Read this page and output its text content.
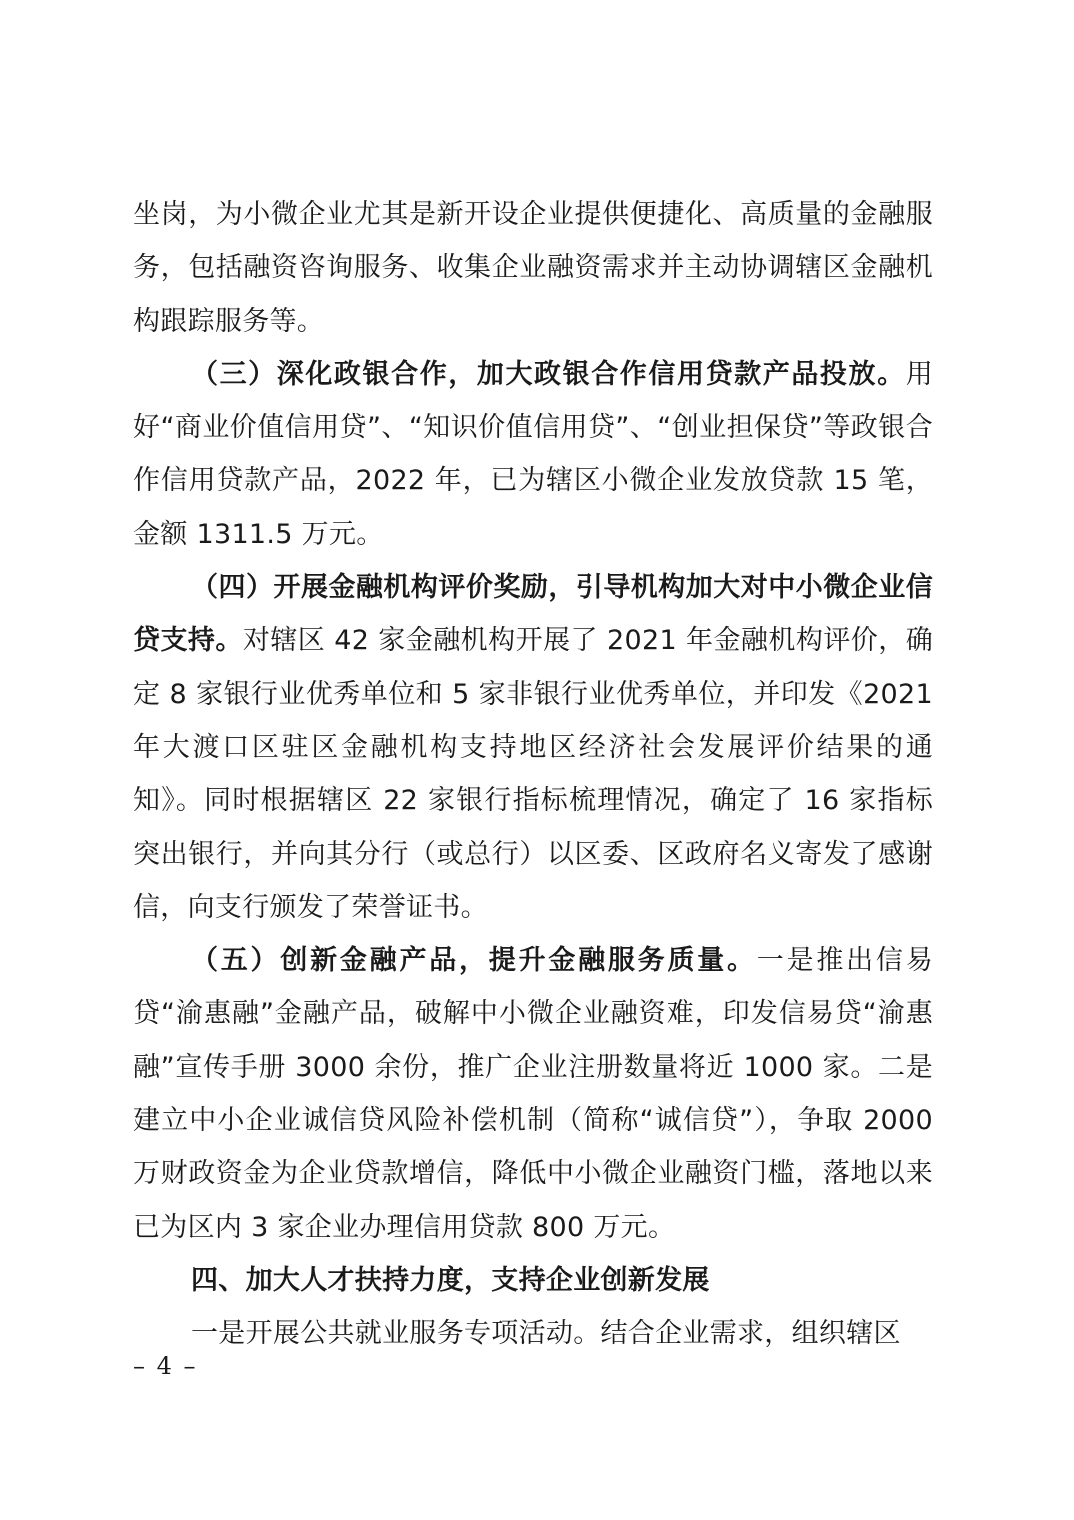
坐岗，为小微企业尤其是新开设企业提供便捷化、高质量的金融服务，包括融资咨询服务、收集企业融资需求并主动协调辖区金融机构跟踪服务等。

（三）深化政银合作，加大政银合作信用贷款产品投放。用好“商业价值信用贷”、“知识价值信用贷”、“创业担保贷”等政银合作信用贷款产品，2022 年，已为辖区小微企业发放贷款 15 笔，金额 1311.5 万元。

（四）开展金融机构评价奖励，引导机构加大对中小微企业信贷支持。对辖区 42 家金融机构开展了 2021 年金融机构评价，确定 8 家银行业优秀单位和 5 家非银行业优秀单位，并印发《2021 年大渡口区驻区金融机构支持地区经济社会发展评价结果的通知》。同时根据辖区 22 家银行指标梳理情况，确定了 16 家指标突出银行，并向其分行（或总行）以区委、区政府名义寄发了感谢信，向支行颁发了荣誉证书。

（五）创新金融产品，提升金融服务质量。一是推出信易贷“渝惠融”金融产品，破解中小微企业融资难，印发信易贷“渝惠融”宣传手册 3000 余份，推广企业注册数量将近 1000 家。二是建立中小企业诚信贷风险补偿机制（简称“诚信贷”），争取 2000 万财政资金为企业贷款增信，降低中小微企业融资门槛，落地以来已为区内 3 家企业办理信用贷款 800 万元。

四、加大人才扶持力度，支持企业创新发展

一是开展公共就业服务专项活动。结合企业需求，组织辖区

– 4 –
